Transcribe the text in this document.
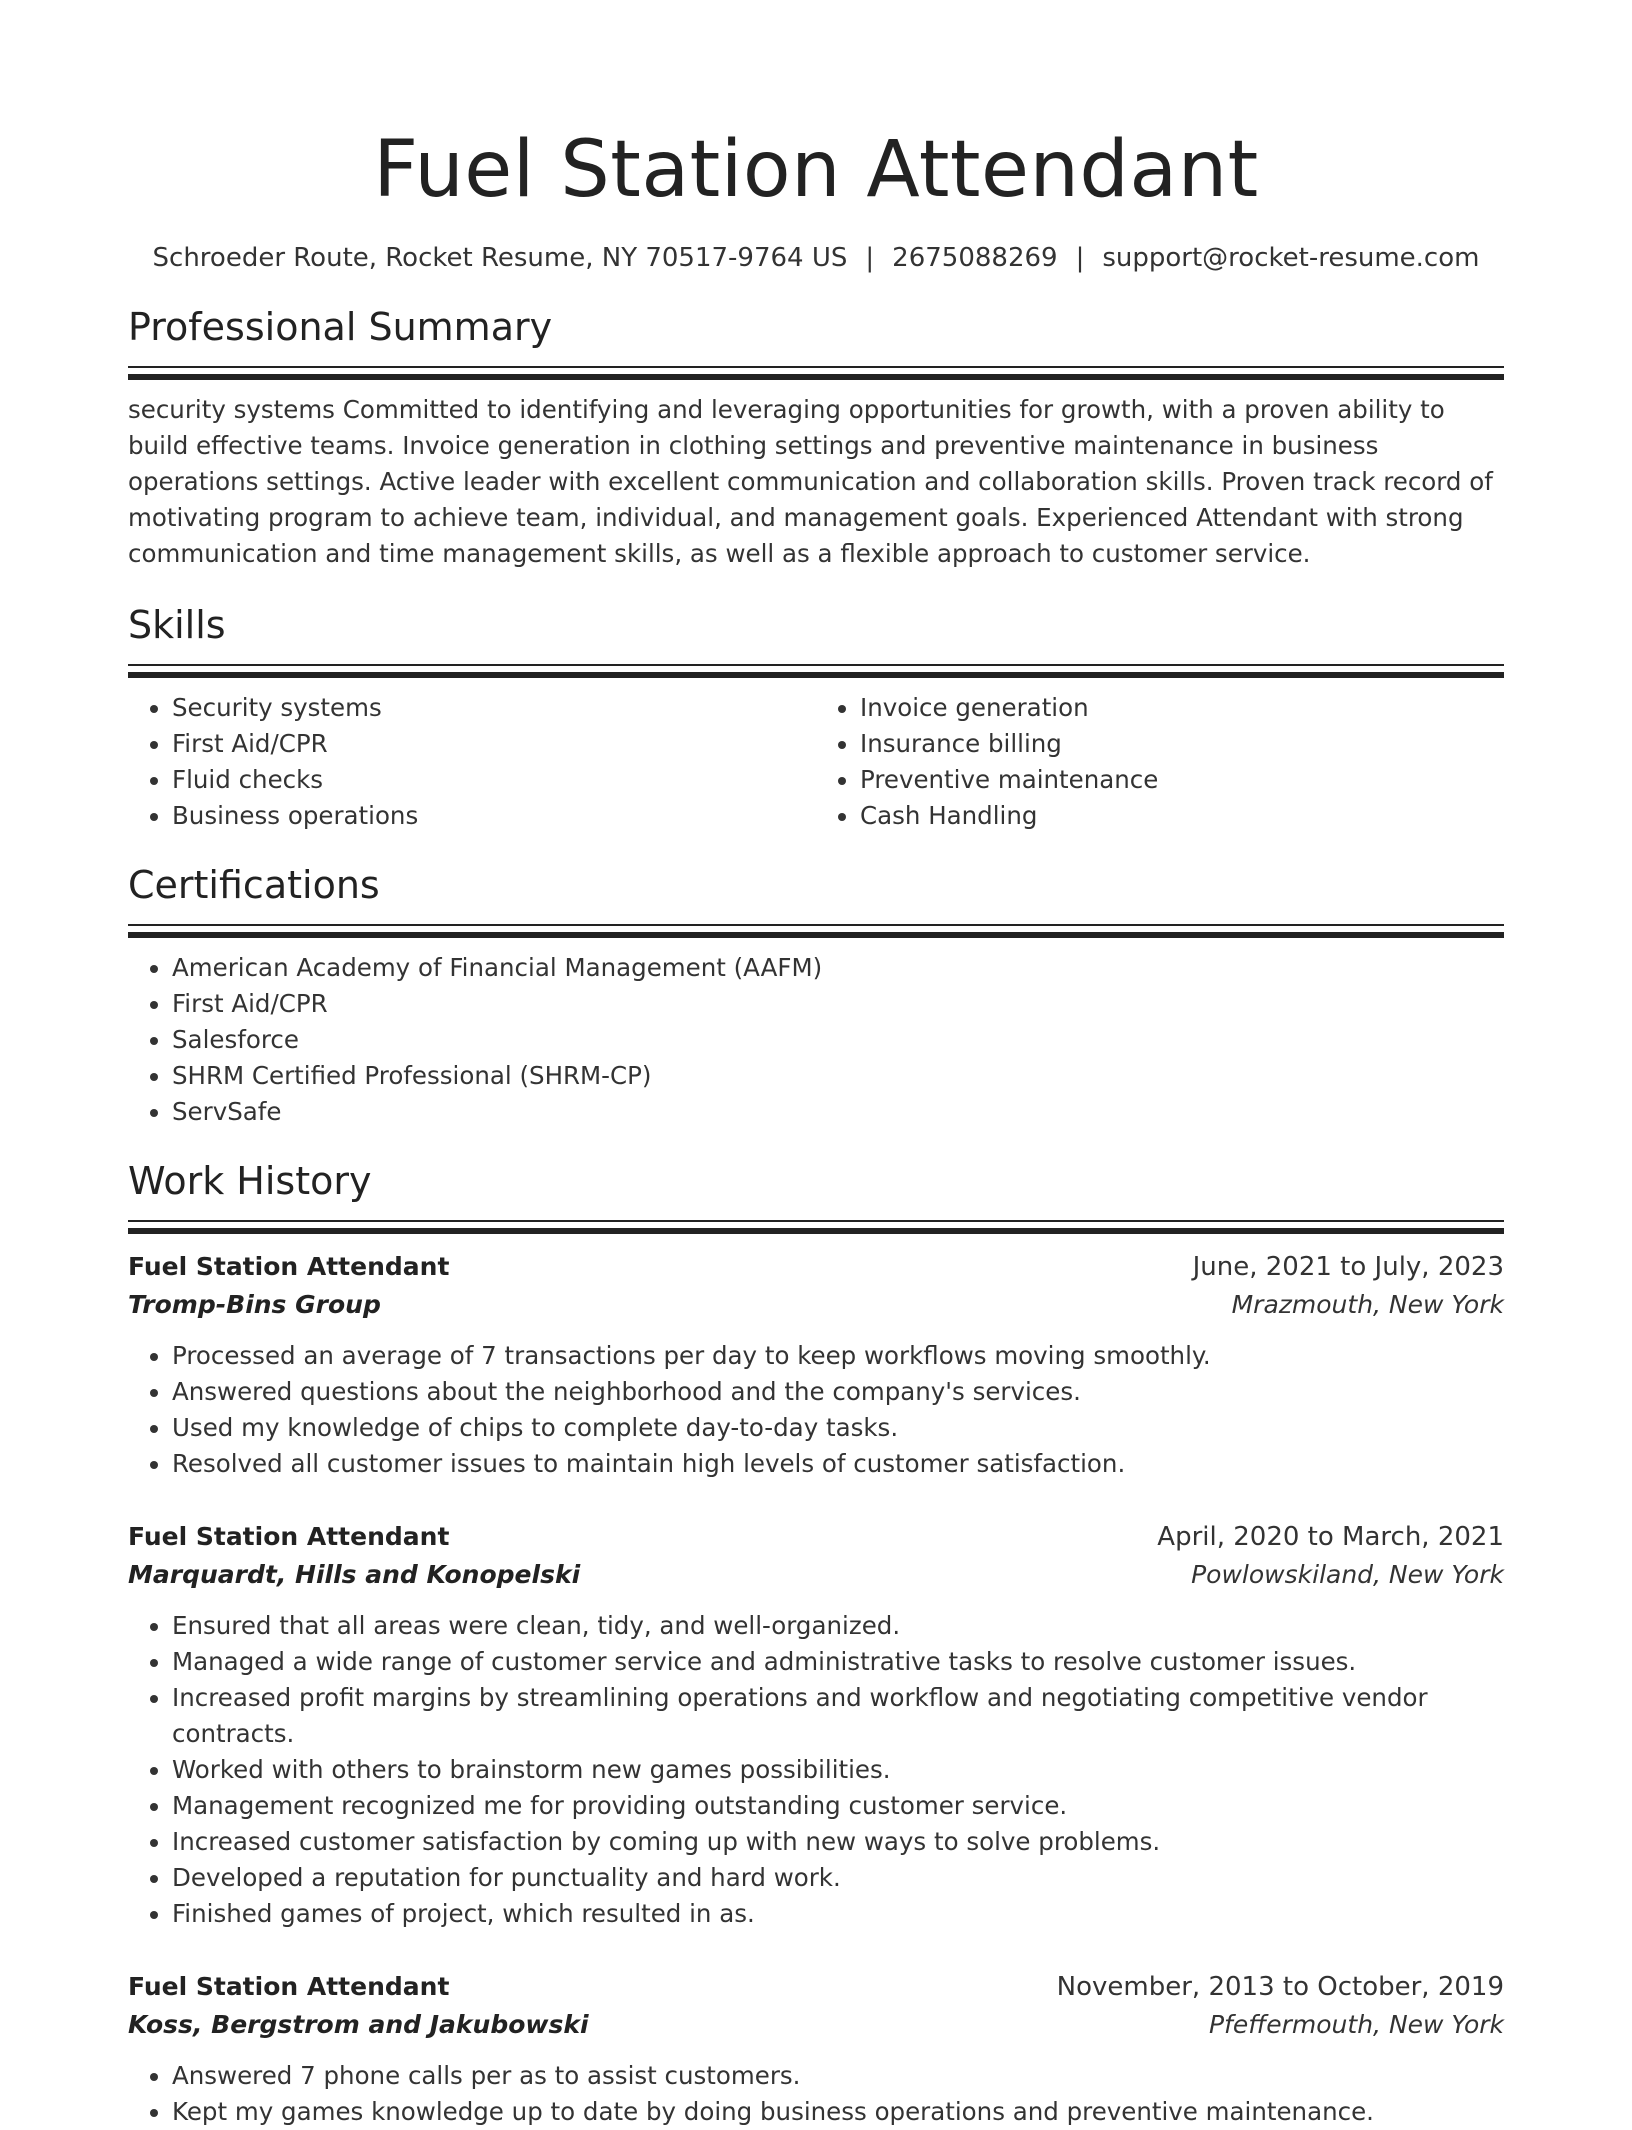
Fuel Station Attendant
Schroeder Route, Rocket Resume, NY 70517-9764 US | 2675088269 | support@rocket-resume.com
Professional Summary

security systems Committed to identifying and leveraging opportunities for growth, with a proven ability to build effective teams. Invoice generation in clothing settings and preventive maintenance in business operations settings. Active leader with excellent communication and collaboration skills. Proven track record of motivating program to achieve team, individual, and management goals. Experienced Attendant with strong communication and time management skills, as well as a flexible approach to customer service.

Skills
• Security systems
• First Aid/CPR
• Fluid checks
• Business operations
• Invoice generation
• Insurance billing
• Preventive maintenance
• Cash Handling
Certifications
• American Academy of Financial Management (AAFM)
• First Aid/CPR
• Salesforce
• SHRM Certified Professional (SHRM-CP)
• ServSafe
Work History
Fuel Station Attendant	June, 2021 to July, 2023
Tromp-Bins Group	Mrazmouth, New York
• Processed an average of 7 transactions per day to keep workflows moving smoothly.
• Answered questions about the neighborhood and the company's services.
• Used my knowledge of chips to complete day-to-day tasks.
• Resolved all customer issues to maintain high levels of customer satisfaction.
Fuel Station Attendant	April, 2020 to March, 2021
Marquardt, Hills and Konopelski	Powlowskiland, New York
• Ensured that all areas were clean, tidy, and well-organized.
• Managed a wide range of customer service and administrative tasks to resolve customer issues.
• Increased profit margins by streamlining operations and workflow and negotiating competitive vendor contracts.
• Worked with others to brainstorm new games possibilities.
• Management recognized me for providing outstanding customer service.
• Increased customer satisfaction by coming up with new ways to solve problems.
• Developed a reputation for punctuality and hard work.
• Finished games of project, which resulted in as.
Fuel Station Attendant	November, 2013 to October, 2019
Koss, Bergstrom and Jakubowski	Pfeffermouth, New York
• Answered 7 phone calls per as to assist customers.
• Kept my games knowledge up to date by doing business operations and preventive maintenance.
